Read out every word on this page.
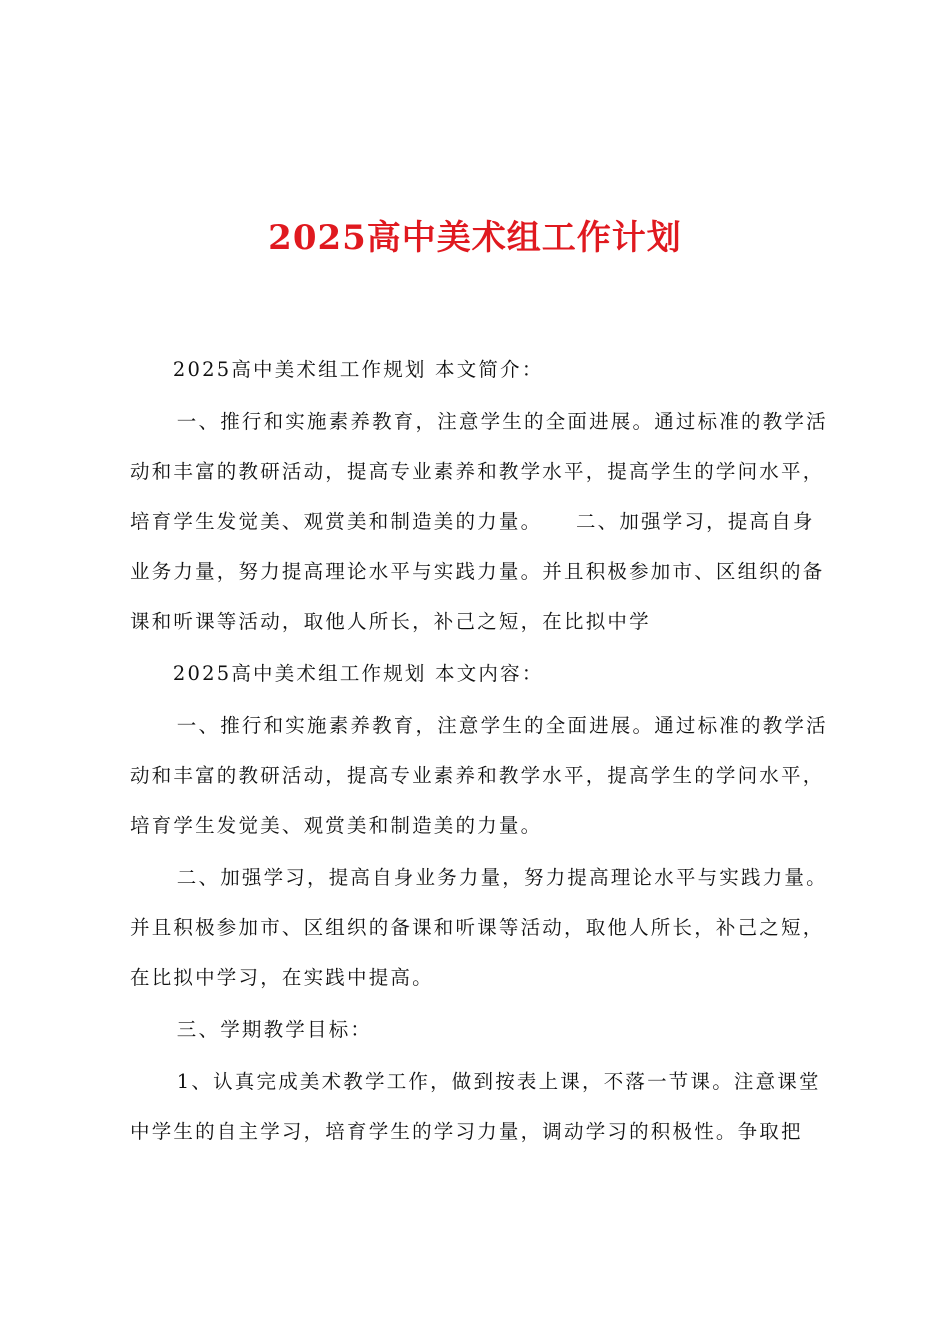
2025高中美术组工作计划

2025高中美术组工作规划 本文简介：

一、推行和实施素养教育，注意学生的全面进展。通过标准的教学活动和丰富的教研活动，提高专业素养和教学水平，提高学生的学问水平，培育学生发觉美、观赏美和制造美的力量。　　二、加强学习，提高自身业务力量，努力提高理论水平与实践力量。并且积极参加市、区组织的备课和听课等活动，取他人所长，补己之短，在比拟中学

2025高中美术组工作规划 本文内容：

一、推行和实施素养教育，注意学生的全面进展。通过标准的教学活动和丰富的教研活动，提高专业素养和教学水平，提高学生的学问水平，培育学生发觉美、观赏美和制造美的力量。

二、加强学习，提高自身业务力量，努力提高理论水平与实践力量。并且积极参加市、区组织的备课和听课等活动，取他人所长，补己之短，在比拟中学习，在实践中提高。

三、学期教学目标：

1、认真完成美术教学工作，做到按表上课，不落一节课。注意课堂中学生的自主学习，培育学生的学习力量，调动学习的积极性。争取把
